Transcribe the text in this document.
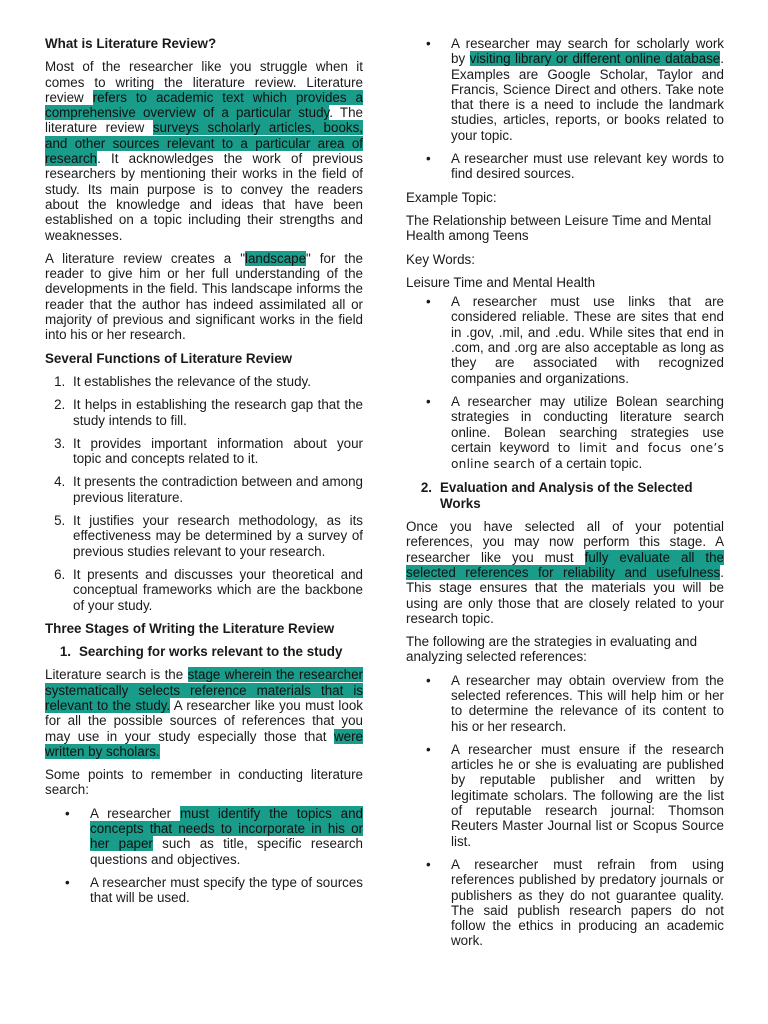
What is Literature Review?

Most of the researcher like you struggle when it comes to writing the literature review. Literature review refers to academic text which provides a comprehensive overview of a particular study. The literature review surveys scholarly articles, books, and other sources relevant to a particular area of research. It acknowledges the work of previous researchers by mentioning their works in the field of study. Its main purpose is to convey the readers about the knowledge and ideas that have been established on a topic including their strengths and weaknesses.

A literature review creates a "landscape" for the reader to give him or her full understanding of the developments in the field. This landscape informs the reader that the author has indeed assimilated all or majority of previous and significant works in the field into his or her research.

Several Functions of Literature Review
1. It establishes the relevance of the study.
2. It helps in establishing the research gap that the study intends to fill.
3. It provides important information about your topic and concepts related to it.
4. It presents the contradiction between and among previous literature.
5. It justifies your research methodology, as its effectiveness may be determined by a survey of previous studies relevant to your research.
6. It presents and discusses your theoretical and conceptual frameworks which are the backbone of your study.
Three Stages of Writing the Literature Review
1. Searching for works relevant to the study

Literature search is the stage wherein the researcher systematically selects reference materials that is relevant to the study. A researcher like you must look for all the possible sources of references that you may use in your study especially those that were written by scholars.

Some points to remember in conducting literature search:

• A researcher must identify the topics and concepts that needs to incorporate in his or her paper such as title, specific research questions and objectives.
• A researcher must specify the type of sources that will be used.
• A researcher may search for scholarly work by visiting library or different online database. Examples are Google Scholar, Taylor and Francis, Science Direct and others. Take note that there is a need to include the landmark studies, articles, reports, or books related to your topic.
• A researcher must use relevant key words to find desired sources.

Example Topic:

The Relationship between Leisure Time and Mental Health among Teens

Key Words:

Leisure Time and Mental Health

• A researcher must use links that are considered reliable. These are sites that end in .gov, .mil, and .edu. While sites that end in .com, and .org are also acceptable as long as they are associated with recognized companies and organizations.
• A researcher may utilize Bolean searching strategies in conducting literature search online. Bolean searching strategies use certain keyword to limit and focus one’s online search of a certain topic.
2. Evaluation and Analysis of the Selected Works

Once you have selected all of your potential references, you may now perform this stage. A researcher like you must fully evaluate all the selected references for reliability and usefulness. This stage ensures that the materials you will be using are only those that are closely related to your research topic.

The following are the strategies in evaluating and analyzing selected references:

• A researcher may obtain overview from the selected references. This will help him or her to determine the relevance of its content to his or her research.
• A researcher must ensure if the research articles he or she is evaluating are published by reputable publisher and written by legitimate scholars. The following are the list of reputable research journal: Thomson Reuters Master Journal list or Scopus Source list.
• A researcher must refrain from using references published by predatory journals or publishers as they do not guarantee quality. The said publish research papers do not follow the ethics in producing an academic work.
